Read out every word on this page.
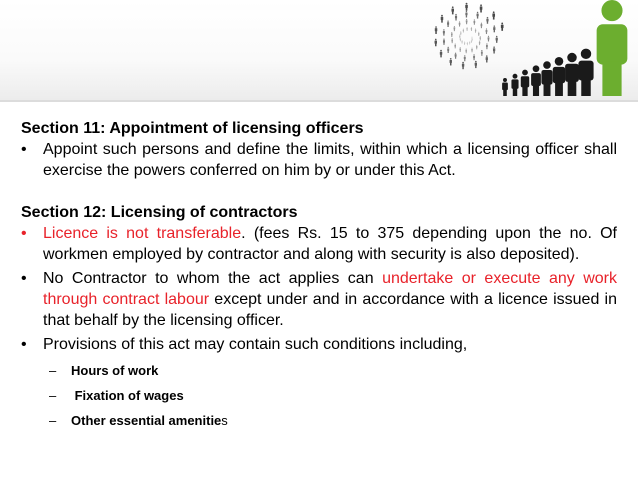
Section 11: Appointment of licensing officers

• Appoint such persons and define the limits, within which a licensing officer shall exercise the powers conferred on him by or under this Act.

Section 12: Licensing of contractors

• Licence is not transferable. (fees Rs. 15 to 375 depending upon the no. Of workmen employed by contractor and along with security is also deposited).
• No Contractor to whom the act applies can undertake or execute any work through contract labour except under and in accordance with a licence issued in that behalf by the licensing officer.
• Provisions of this act may contain such conditions including,
– Hours of work
– Fixation of wages
– Other essential amenities
